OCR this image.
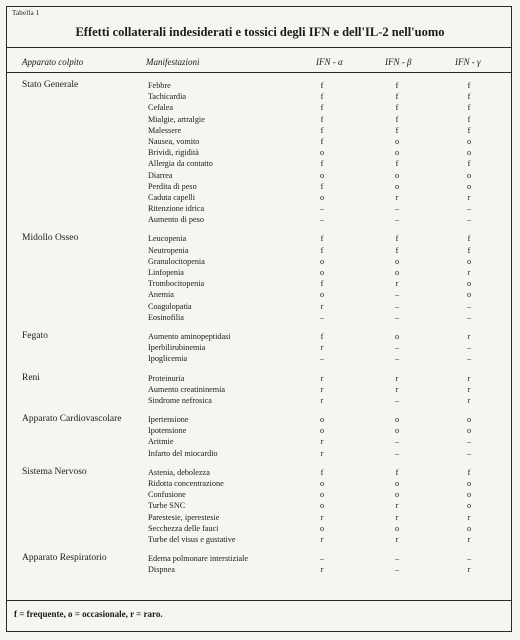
Tabella 1
Effetti collaterali indesiderati e tossici degli IFN e dell'IL-2 nell'uomo
Apparato colpito	Manifestazioni	IFN - α	IFN - β	IFN - γ
Stato Generale	Febbre	f	f	f
Tachicardia	f	f	f
Cefalea	f	f	f
Mialgie, artralgie	f	f	f
Malessere	f	f	f
Nausea, vomito	f	o	o
Brividi, rigidità	o	o	o
Allergia da contatto	f	f	f
Diarrea	o	o	o
Perdita di peso	f	o	o
Caduta capelli	o	r	r
Ritenzione idrica	–	–	–
Aumento di peso	–	–	–
Midollo Osseo	Leucopenia	f	f	f
Neutropenia	f	f	f
Granulocitopenia	o	o	o
Linfopenia	o	o	r
Trombocitopenia	f	r	o
Anemia	o	–	o
Coagulopatia	r	–	–
Eosinofilia	–	–	–
Fegato	Aumento aminopeptidasi	f	o	r
Iperbilirubinemia	r	–	–
Ipoglicemia	–	–	–
Reni	Proteinuria	r	r	r
Aumento creatininemia	r	r	r
Sindrome nefrosica	r	–	r
Apparato Cardiovascolare	Ipertensione	o	o	o
Ipotensione	o	o	o
Aritmie	r	–	–
Infarto del miocardio	r	–	–
Sistema Nervoso	Astenia, debolezza	f	f	f
Ridotta concentrazione	o	o	o
Confusione	o	o	o
Turbe SNC	o	r	o
Parestesie, iperestesie	r	r	r
Secchezza delle fauci	o	o	o
Turbe del visus e gustative	r	r	r
Apparato Respiratorio	Edema polmonare interstiziale	–	–	–
Dispnea	r	–	r
f = frequente, o = occasionale, r = raro.
